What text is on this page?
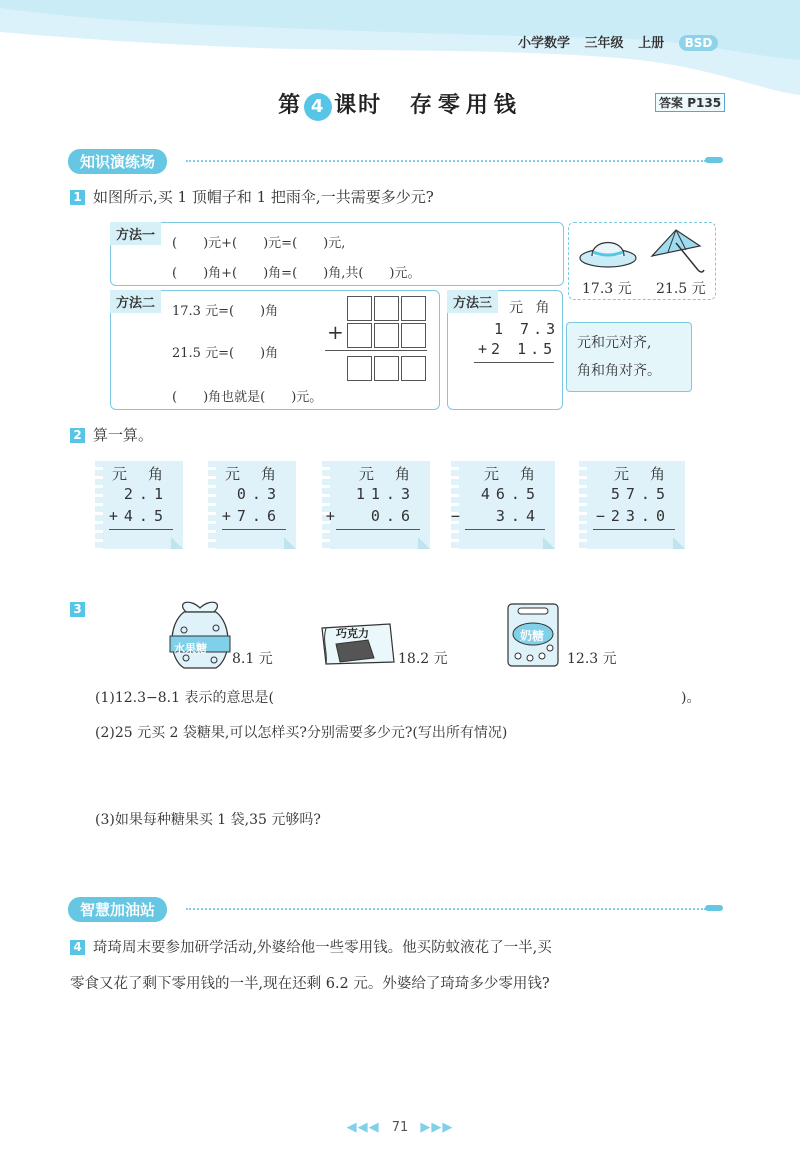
小学数学 三年级 上册 BSD
第 4 课时 存零用钱	答案 P135
知识演练场
1 如图所示,买 1 顶帽子和 1 把雨伞,一共需要多少元?
方法一
(　　)元+(　　)元=(　　)元,
(　　)角+(　　)角=(　　)角,共(　　)元。
17.3 元 21.5 元
方法二
17.3 元=(　　)角
21.5 元=(　　)角
(　　)角也就是(　　)元。
+
方法三	元 角
1 7.3
+2 1.5 元和元对齐,
角和角对齐。
2 算一算。
元 角
2.1
+4.5
元 角
0.3
+7.6
元 角
11.3
+  0.6
元 角
46.5
−  3.4
元 角
57.5
−23.0
3
水果糖
8.1 元
巧克力
18.2 元
奶糖
12.3 元
(1)12.3−8.1 表示的意思是(	)。
(2)25 元买 2 袋糖果,可以怎样买?分别需要多少元?(写出所有情况)
(3)如果每种糖果买 1 袋,35 元够吗?
智慧加油站
4 琦琦周末要参加研学活动,外婆给他一些零用钱。他买防蚊液花了一半,买
零食又花了剩下零用钱的一半,现在还剩 6.2 元。外婆给了琦琦多少零用钱?
◀◀◀ 71 ▶▶▶
